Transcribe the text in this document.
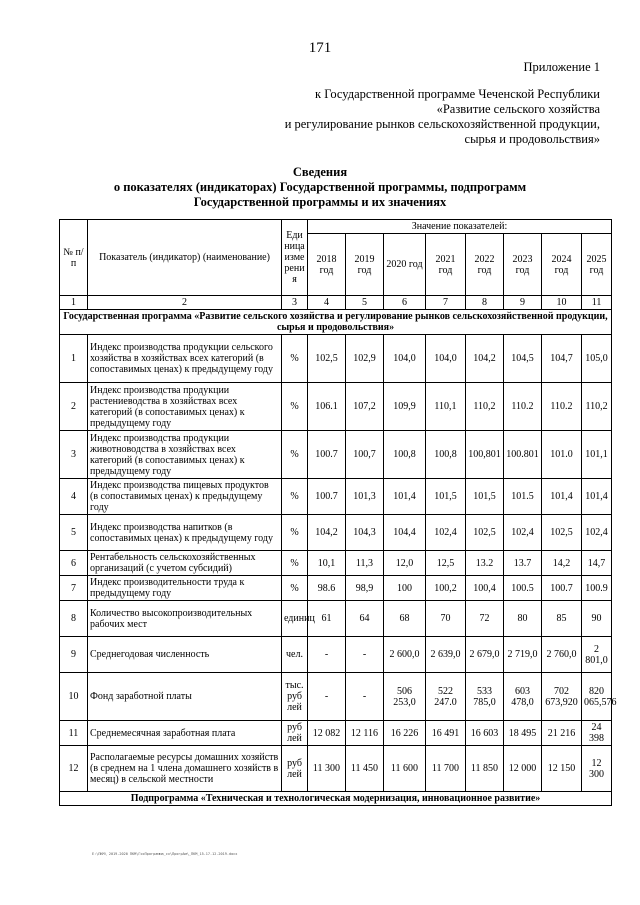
171
Приложение 1
к Государственной программе Чеченской Республики
«Развитие сельского хозяйства
и регулирование рынков сельскохозяйственной продукции,
сырья и продовольствия»
Сведения
о показателях (индикаторах) Государственной программы, подпрограмм
Государственной программы и их значениях
№ п/п	Показатель (индикатор) (наименование)	Единица измерения	Значение показателей:							
			2018 год	2019 год	2020 год	2021 год	2022 год	2023 год	2024 год	2025 год
1	2	3	4	5	6	7	8	9	10	11
Государственная программа «Развитие сельского хозяйства и регулирование рынков сельскохозяйственной продукции, сырья и продовольствия»										
1	Индекс производства продукции сельского хозяйства в хозяйствах всех категорий (в сопоставимых ценах) к предыдущему году	%	102,5	102,9	104,0	104,0	104,2	104,5	104,7	105,0
2	Индекс производства продукции растениеводства в хозяйствах всех категорий (в сопоставимых ценах) к предыдущему году	%	106.1	107,2	109,9	110,1	110,2	110.2	110.2	110,2
3	Индекс производства продукции животноводства в хозяйствах всех категорий (в сопоставимых ценах) к предыдущему году	%	100.7	100,7	100,8	100,8	100,801	100.801	101.0	101,1
4	Индекс производства пищевых продуктов (в сопоставимых ценах) к предыдущему году	%	100.7	101,3	101,4	101,5	101,5	101.5	101,4	101,4
5	Индекс производства напитков (в сопоставимых ценах) к предыдущему году	%	104,2	104,3	104,4	102,4	102,5	102,4	102,5	102,4
6	Рентабельность сельскохозяйственных организаций (с учетом субсидий)	%	10,1	11,3	12,0	12,5	13.2	13.7	14,2	14,7
7	Индекс производительности труда к предыдущему году	%	98.6	98,9	100	100,2	100,4	100.5	100.7	100.9
8	Количество высокопроизводительных рабочих мест	единиц	61	64	68	70	72	80	85	90
9	Среднегодовая численность	чел.	-	-	2 600,0	2 639,0	2 679,0	2 719,0	2 760,0	2 801,0
10	Фонд заработной платы	тыс. руб лей	-	-	506 253,0	522 247.0	533 785,0	603 478,0	702 673,920	820 065,576
11	Среднемесячная заработная плата	руб лей	12 082	12 116	16 226	16 491	16 603	18 495	21 216	24 398
12	Располагаемые ресурсы домашних хозяйств (в среднем на 1 члена домашнего хозяйств в месяц) в сельской местности	руб лей	11 300	11 450	11 600	11 700	11 850	12 000	12 150	12 300
Подпрограмма «Техническая и технологическая модернизация, инновационное развитие»										
E:\ПКМ\ 2019-2020 ПКМ\ГосПрограмма_сх\ПрогрАм\_ПКМ_15-17.12.2019.docx
